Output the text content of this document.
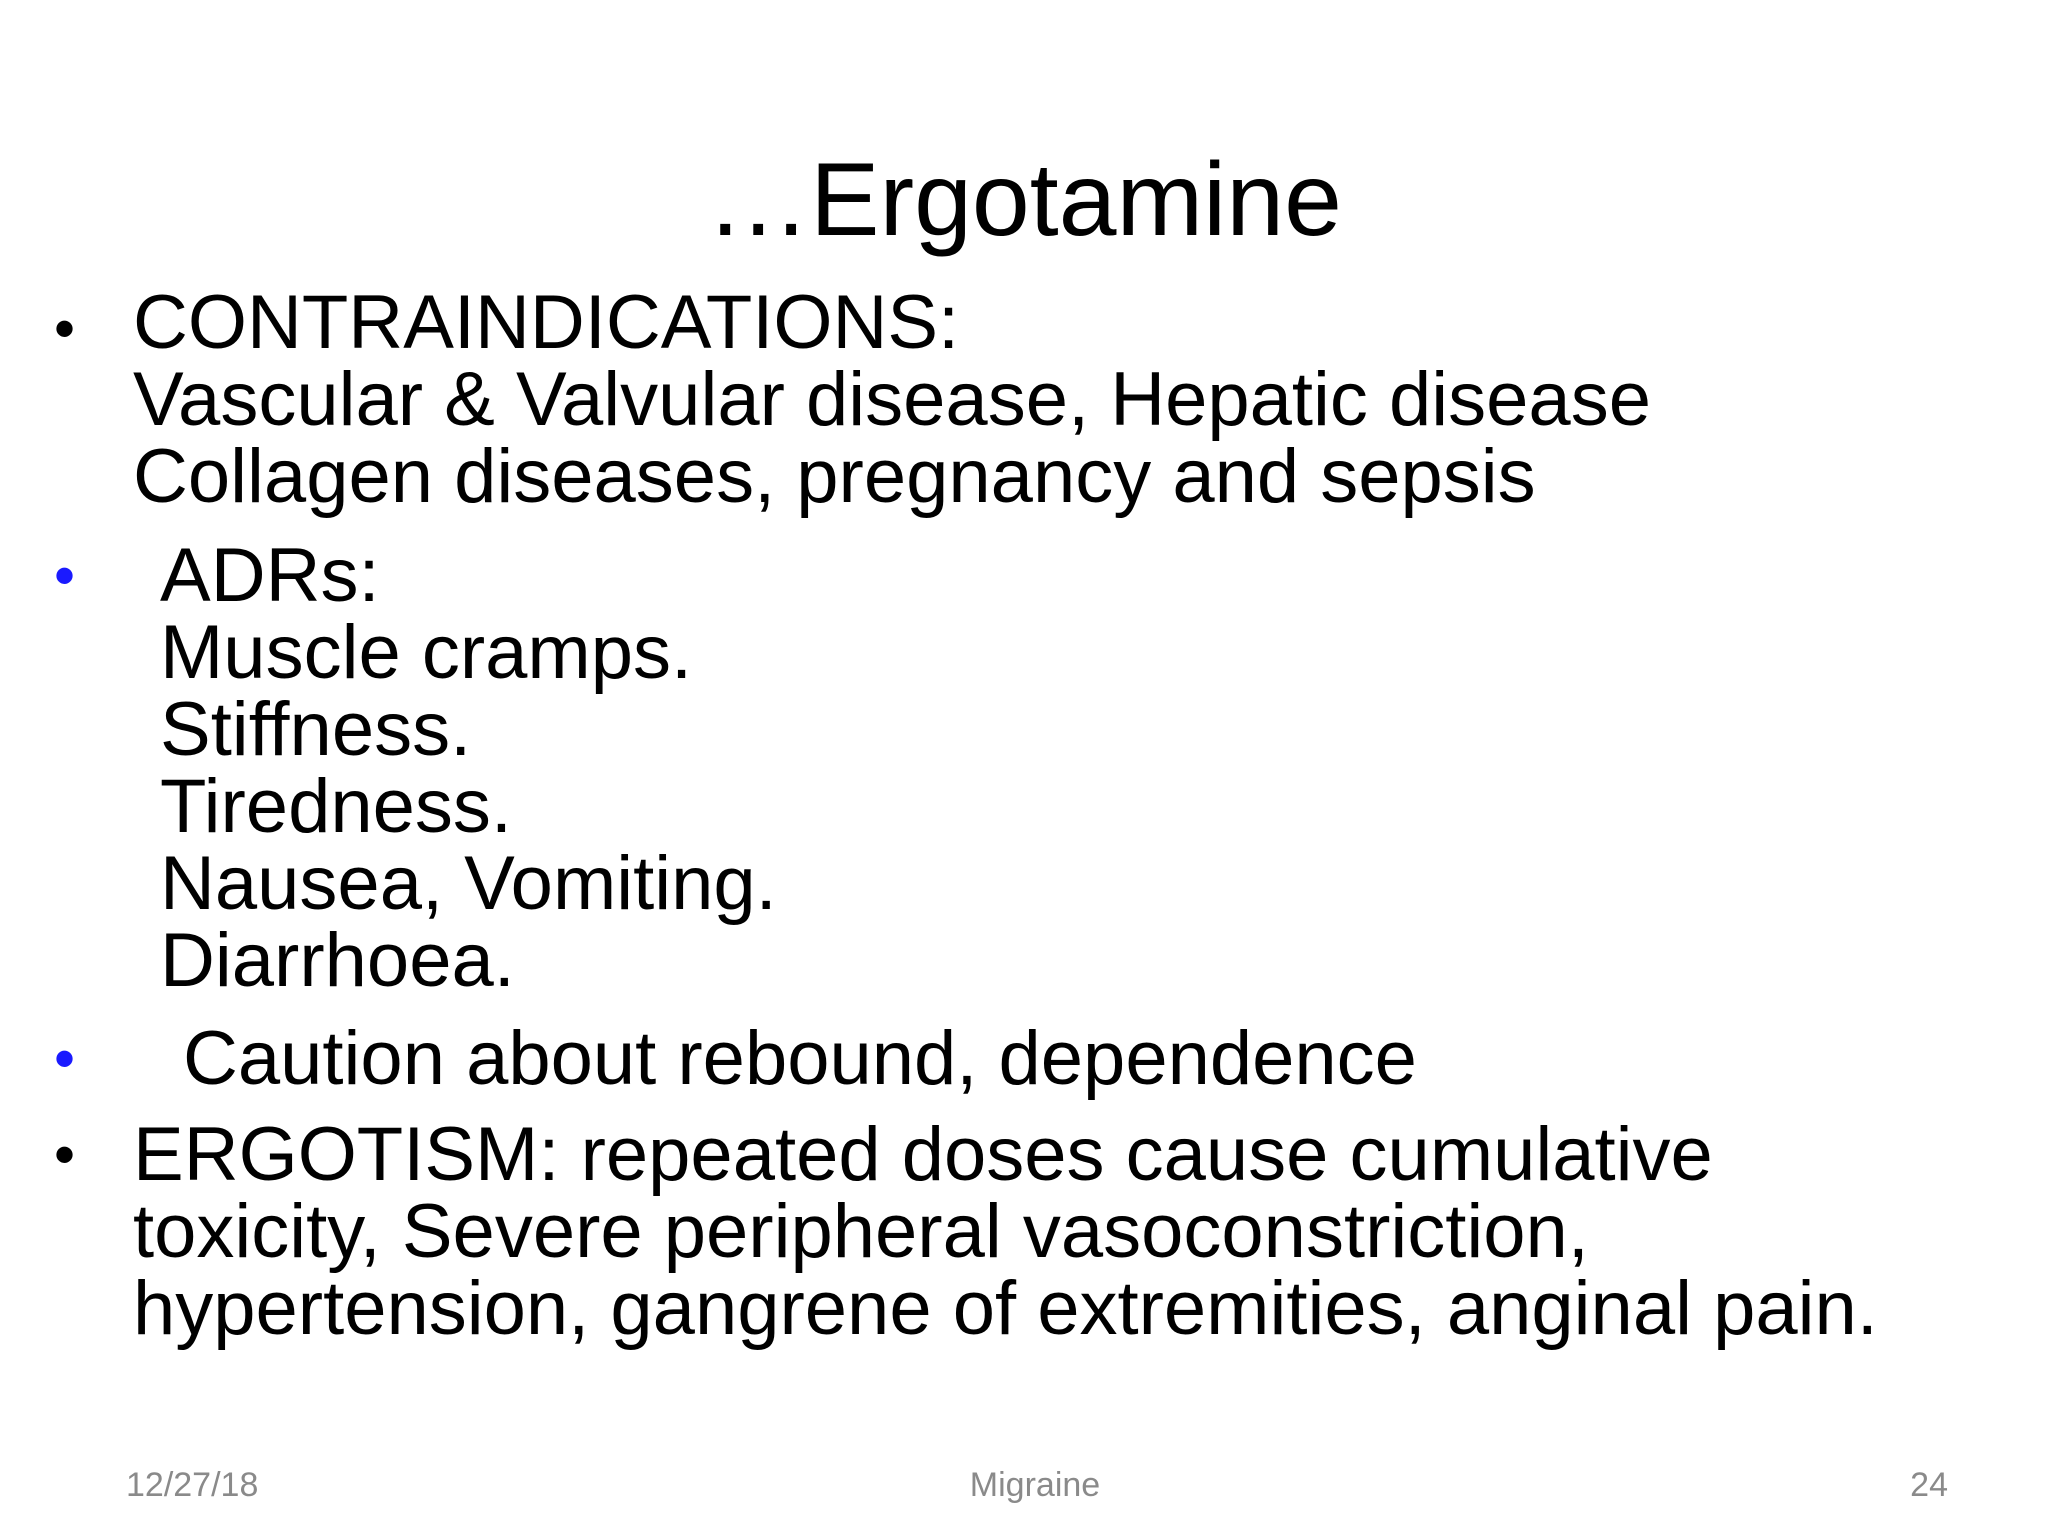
…Ergotamine
• CONTRAINDICATIONS:
Vascular & Valvular disease, Hepatic disease
Collagen diseases, pregnancy and sepsis
• ADRs:
Muscle cramps.
Stiffness.
Tiredness.
Nausea, Vomiting.
Diarrhoea.
• Caution about rebound, dependence
• ERGOTISM: repeated doses cause cumulative
toxicity, Severe peripheral vasoconstriction,
hypertension, gangrene of extremities, anginal pain.
12/27/18	Migraine	24
